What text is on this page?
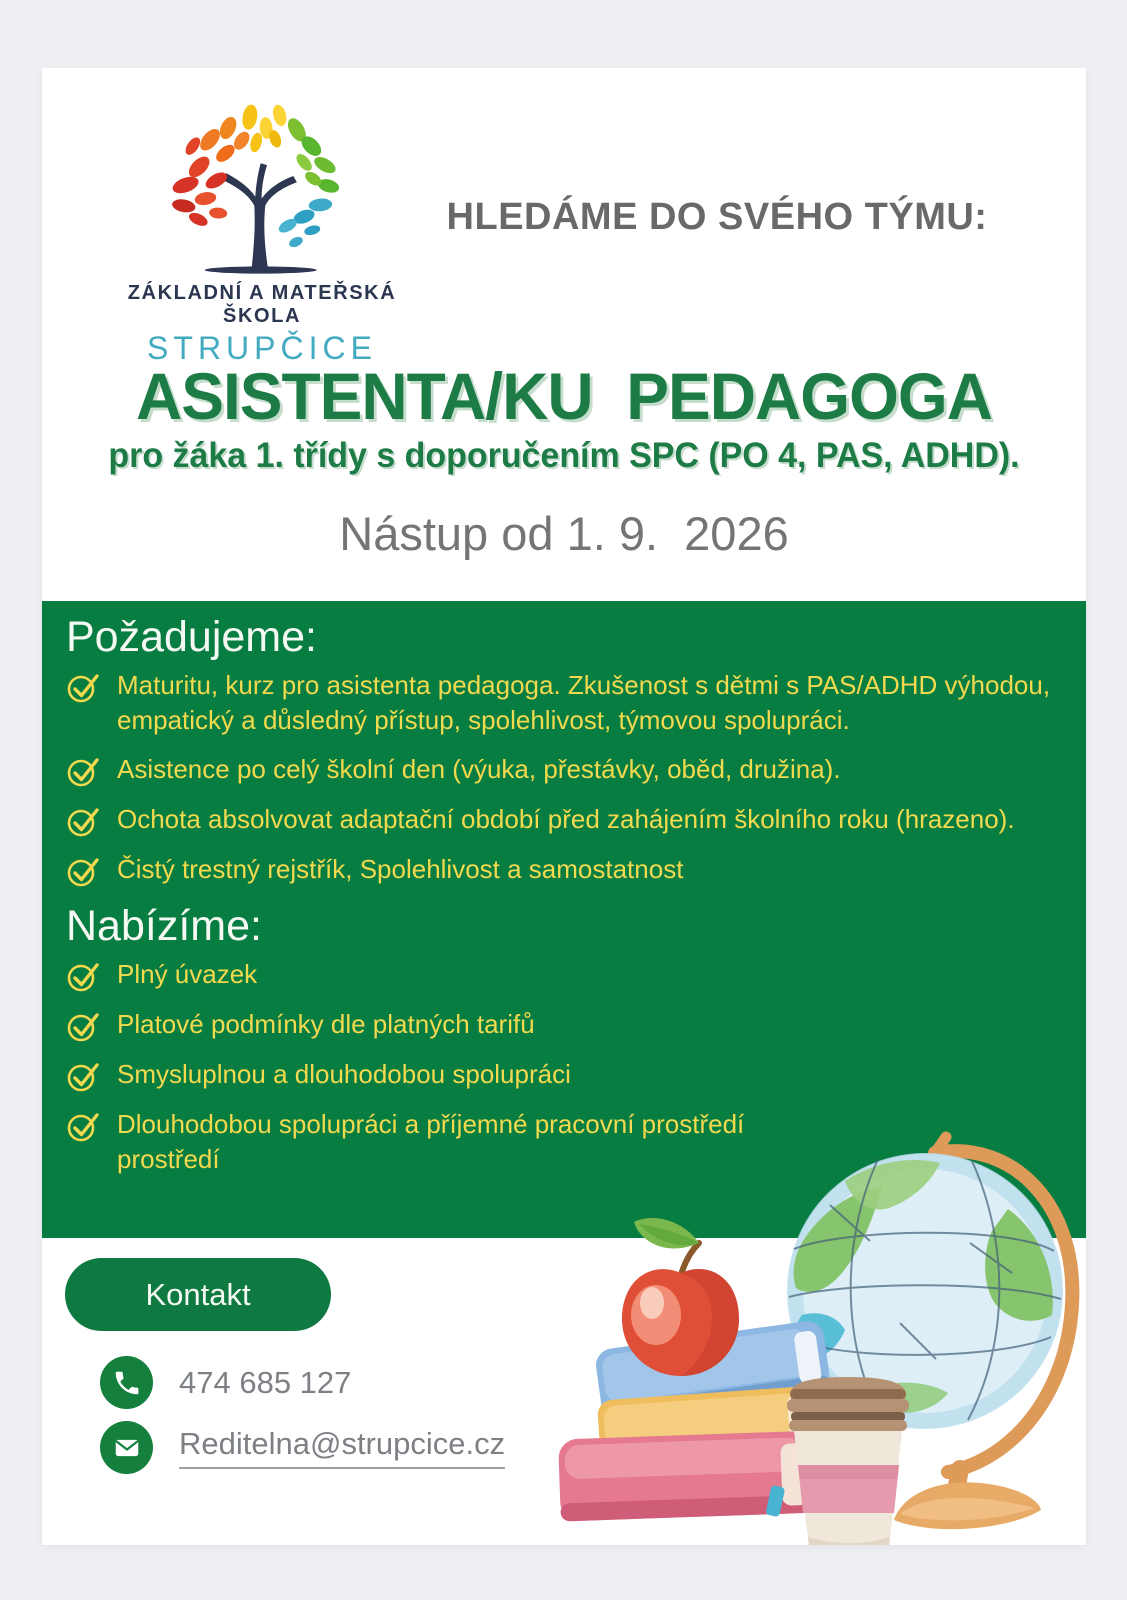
ZÁKLADNÍ A MATEŘSKÁ ŠKOLA
STRUPČICE
HLEDÁME DO SVÉHO TÝMU:
ASISTENTA/KU  PEDAGOGA
pro žáka 1. třídy s doporučením SPC (PO 4, PAS, ADHD).
Nástup od 1. 9.  2026
Požadujeme:
Maturitu, kurz pro asistenta pedagoga. Zkušenost s dětmi s PAS/ADHD výhodou, empatický a důsledný přístup, spolehlivost, týmovou spolupráci.
Asistence po celý školní den (výuka, přestávky, oběd, družina).
Ochota absolvovat adaptační období před zahájením školního roku (hrazeno).
Čistý trestný rejstřík, Spolehlivost a samostatnost
Nabízíme:
Plný úvazek
Platové podmínky dle platných tarifů
Smysluplnou a dlouhodobou spolupráci
Dlouhodobou spolupráci a příjemné pracovní prostředí prostředí
Kontakt
474 685 127
Reditelna@strupcice.cz
